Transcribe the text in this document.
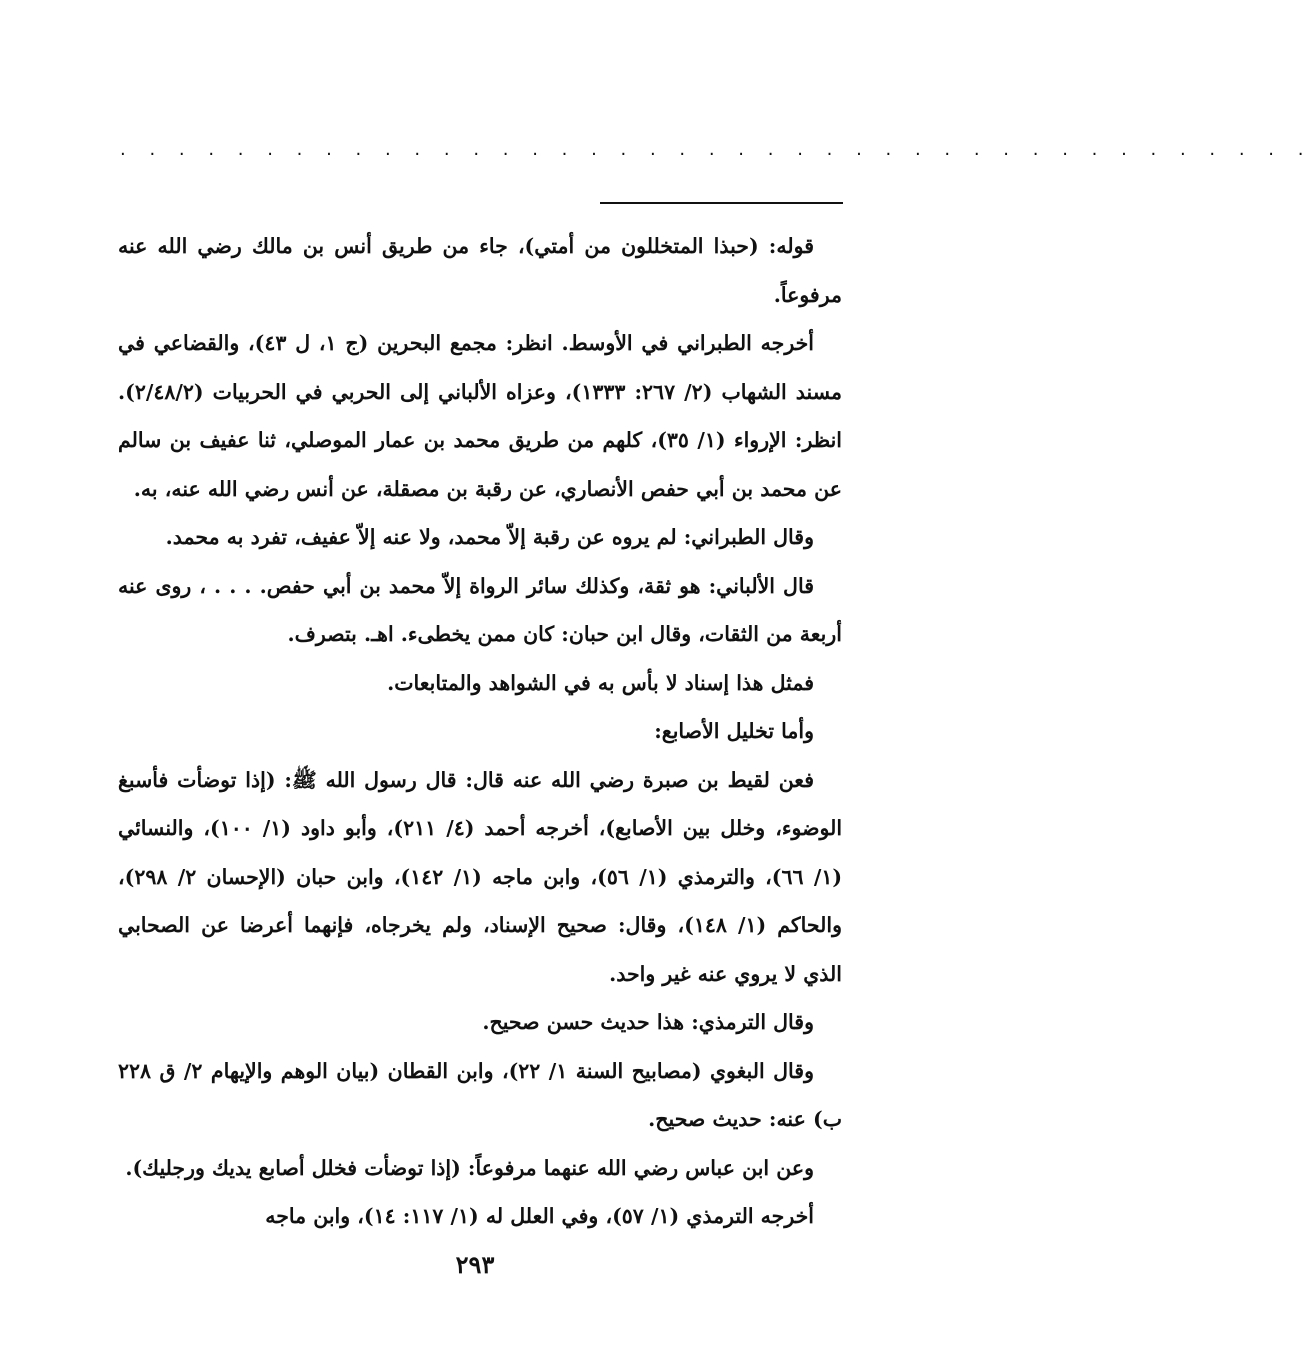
. . . . . . . . . . . . . . . . . . . . . . . . . . . . . . . . . . . . . . . . .

قوله: (حبذا المتخللون من أمتي)، جاء من طريق أنس بن مالك رضي الله عنه مرفوعاً.

أخرجه الطبراني في الأوسط. انظر: مجمع البحرين (ج ١، ل ٤٣)، والقضاعي في مسند الشهاب (٢/ ٢٦٧: ١٣٣٣)، وعزاه الألباني إلى الحربي في الحربيات (٢/٤٨/٢). انظر: الإرواء (١/ ٣٥)، كلهم من طريق محمد بن عمار الموصلي، ثنا عفيف بن سالم عن محمد بن أبي حفص الأنصاري، عن رقبة بن مصقلة، عن أنس رضي الله عنه، به.

وقال الطبراني: لم يروه عن رقبة إلاّ محمد، ولا عنه إلاّ عفيف، تفرد به محمد.

قال الألباني: هو ثقة، وكذلك سائر الرواة إلاّ محمد بن أبي حفص. . . . ، روى عنه أربعة من الثقات، وقال ابن حبان: كان ممن يخطىء. اهـ. بتصرف.

فمثل هذا إسناد لا بأس به في الشواهد والمتابعات.

وأما تخليل الأصابع:

فعن لقيط بن صبرة رضي الله عنه قال: قال رسول الله ﷺ: (إذا توضأت فأسبغ الوضوء، وخلل بين الأصابع)، أخرجه أحمد (٤/ ٢١١)، وأبو داود (١/ ١٠٠)، والنسائي (١/ ٦٦)، والترمذي (١/ ٥٦)، وابن ماجه (١/ ١٤٢)، وابن حبان (الإحسان ٢/ ٢٩٨)، والحاكم (١/ ١٤٨)، وقال: صحيح الإسناد، ولم يخرجاه، فإنهما أعرضا عن الصحابي الذي لا يروي عنه غير واحد.

وقال الترمذي: هذا حديث حسن صحيح.

وقال البغوي (مصابيح السنة ١/ ٢٢)، وابن القطان (بيان الوهم والإيهام ٢/ ق ٢٢٨ ب) عنه: حديث صحيح.

وعن ابن عباس رضي الله عنهما مرفوعاً: (إذا توضأت فخلل أصابع يديك ورجليك).

أخرجه الترمذي (١/ ٥٧)، وفي العلل له (١/ ١١٧: ١٤)، وابن ماجه

٢٩٣
